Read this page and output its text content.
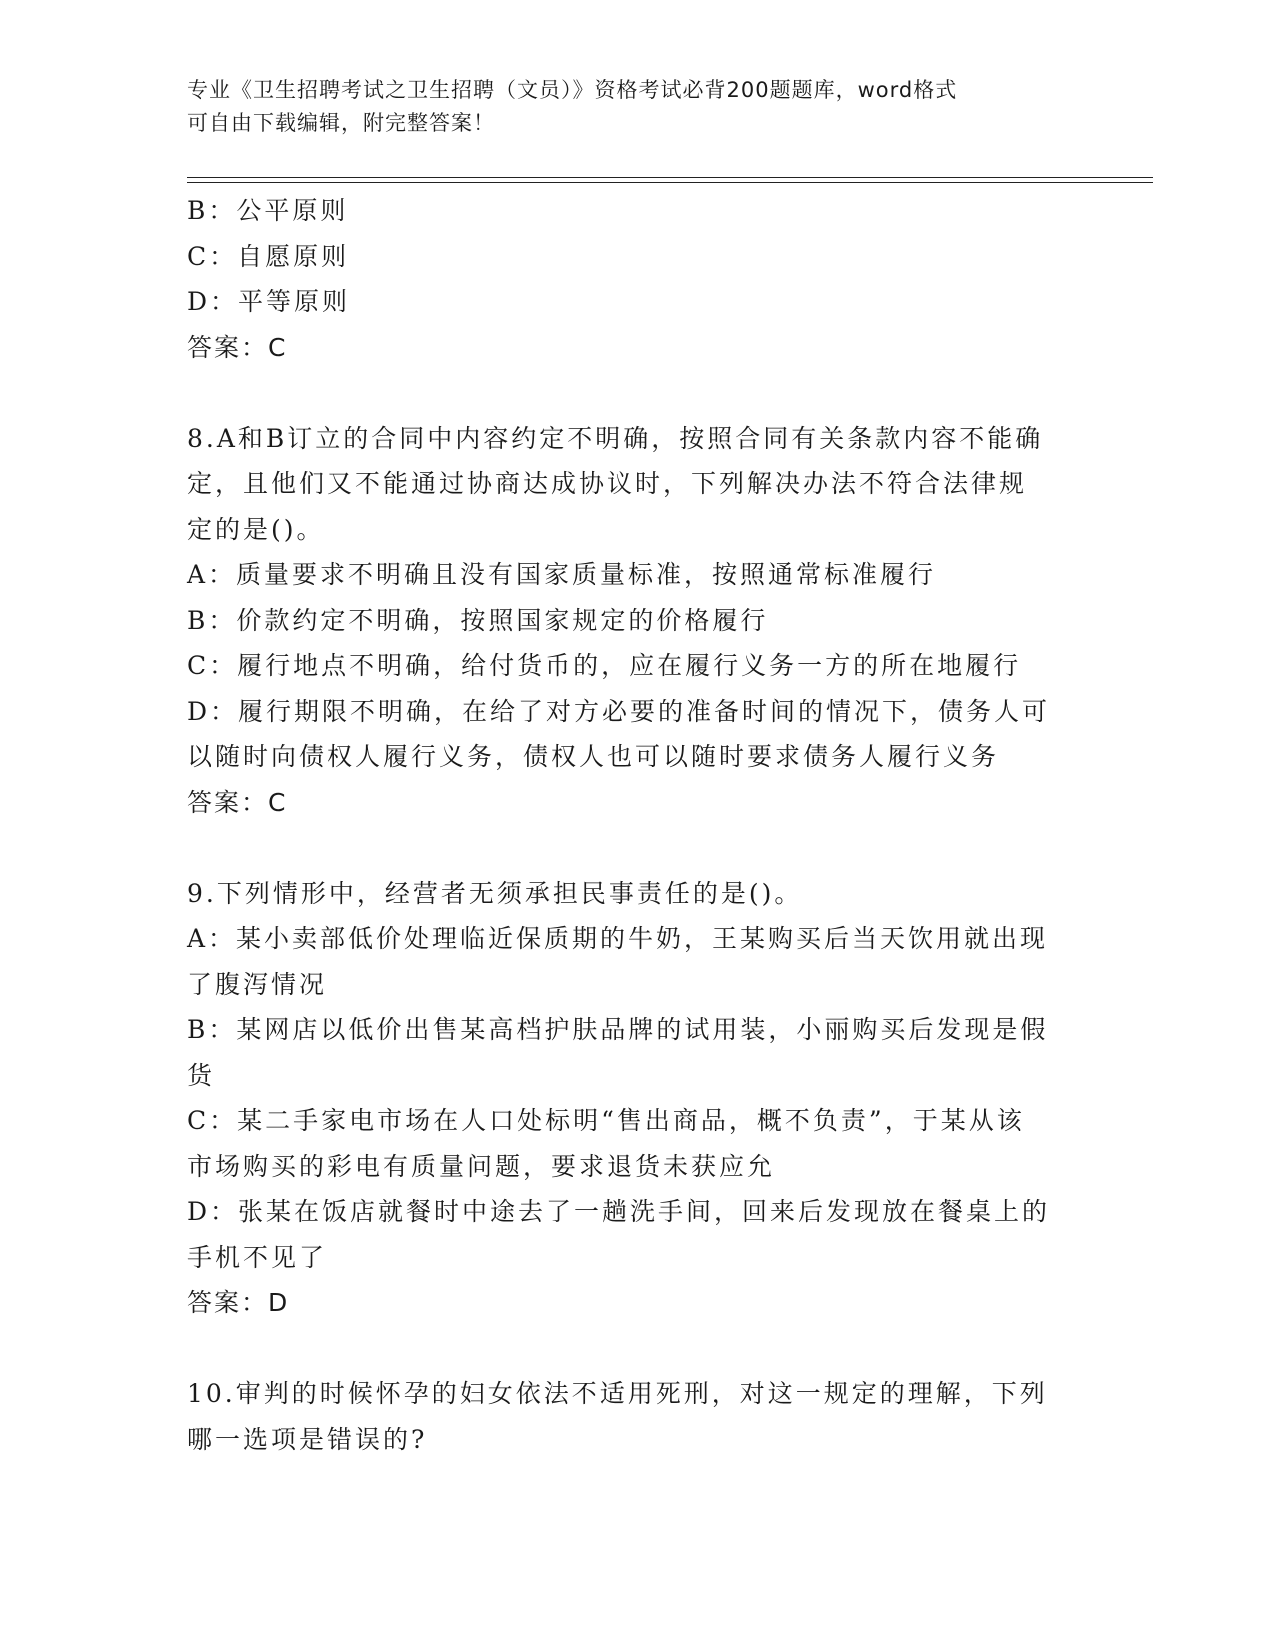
专业《卫生招聘考试之卫生招聘（文员）》资格考试必背200题题库，word格式
可自由下载编辑，附完整答案！
B：公平原则
C：自愿原则
D：平等原则
答案：C
8.A和B订立的合同中内容约定不明确，按照合同有关条款内容不能确
定，且他们又不能通过协商达成协议时，下列解决办法不符合法律规
定的是()。
A：质量要求不明确且没有国家质量标准，按照通常标准履行
B：价款约定不明确，按照国家规定的价格履行
C：履行地点不明确，给付货币的，应在履行义务一方的所在地履行
D：履行期限不明确，在给了对方必要的准备时间的情况下，债务人可
以随时向债权人履行义务，债权人也可以随时要求债务人履行义务
答案：C
9.下列情形中，经营者无须承担民事责任的是()。
A：某小卖部低价处理临近保质期的牛奶，王某购买后当天饮用就出现
了腹泻情况
B：某网店以低价出售某高档护肤品牌的试用装，小丽购买后发现是假
货
C：某二手家电市场在人口处标明“售出商品，概不负责”，于某从该
市场购买的彩电有质量问题，要求退货未获应允
D：张某在饭店就餐时中途去了一趟洗手间，回来后发现放在餐桌上的
手机不见了
答案：D
10.审判的时候怀孕的妇女依法不适用死刑，对这一规定的理解，下列
哪一选项是错误的?
